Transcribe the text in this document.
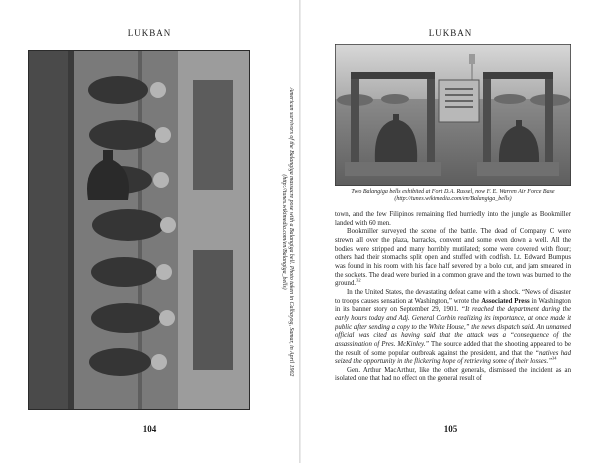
LUKBAN
American survivors of the Balangiga massacre pose with a Balangiga bell. Photo taken in Calbayog, Samar, in April 1902
(http://tunes.wikimedia.com/en/Balangiga_bells)
104
LUKBAN
Two Balangiga bells exhibited at Fort D.A. Russel, now F. E. Warren Air Force Base
(http://tunes.wikimedia.com/en/Balangiga_bells)

town, and the few Filipinos remaining fled hurriedly into the jungle as Bookmiller landed with 60 men.

Bookmiller surveyed the scene of the battle. The dead of Company C were strewn all over the plaza, barracks, convent and some even down a well. All the bodies were stripped and many horribly mutilated; some were covered with flour; others had their stomachs split open and stuffed with codfish. Lt. Edward Bumpus was found in his room with his face half severed by a bolo cut, and jam smeared in the sockets. The dead were buried in a common grave and the town was burned to the ground.$^{32}$

In the United States, the devastating defeat came with a shock. “News of disaster to troops causes sensation at Washington,” wrote the Associated Press in Washington in its banner story on September 29, 1901. “It reached the department during the early hours today and Adj. General Corbin realizing its importance, at once made it public after sending a copy to the White House,” the news dispatch said. An unnamed official was cited as having said that the attack was a “consequence of the assassination of Pres. McKinley.” The source added that the shooting appeared to be the result of some popular outbreak against the president, and that the “natives had seized the opportunity in the flickering hope of retrieving some of their losses.”$^{34}$

Gen. Arthur MacArthur, like the other generals, dismissed the incident as an isolated one that had no effect on the general result of

105
